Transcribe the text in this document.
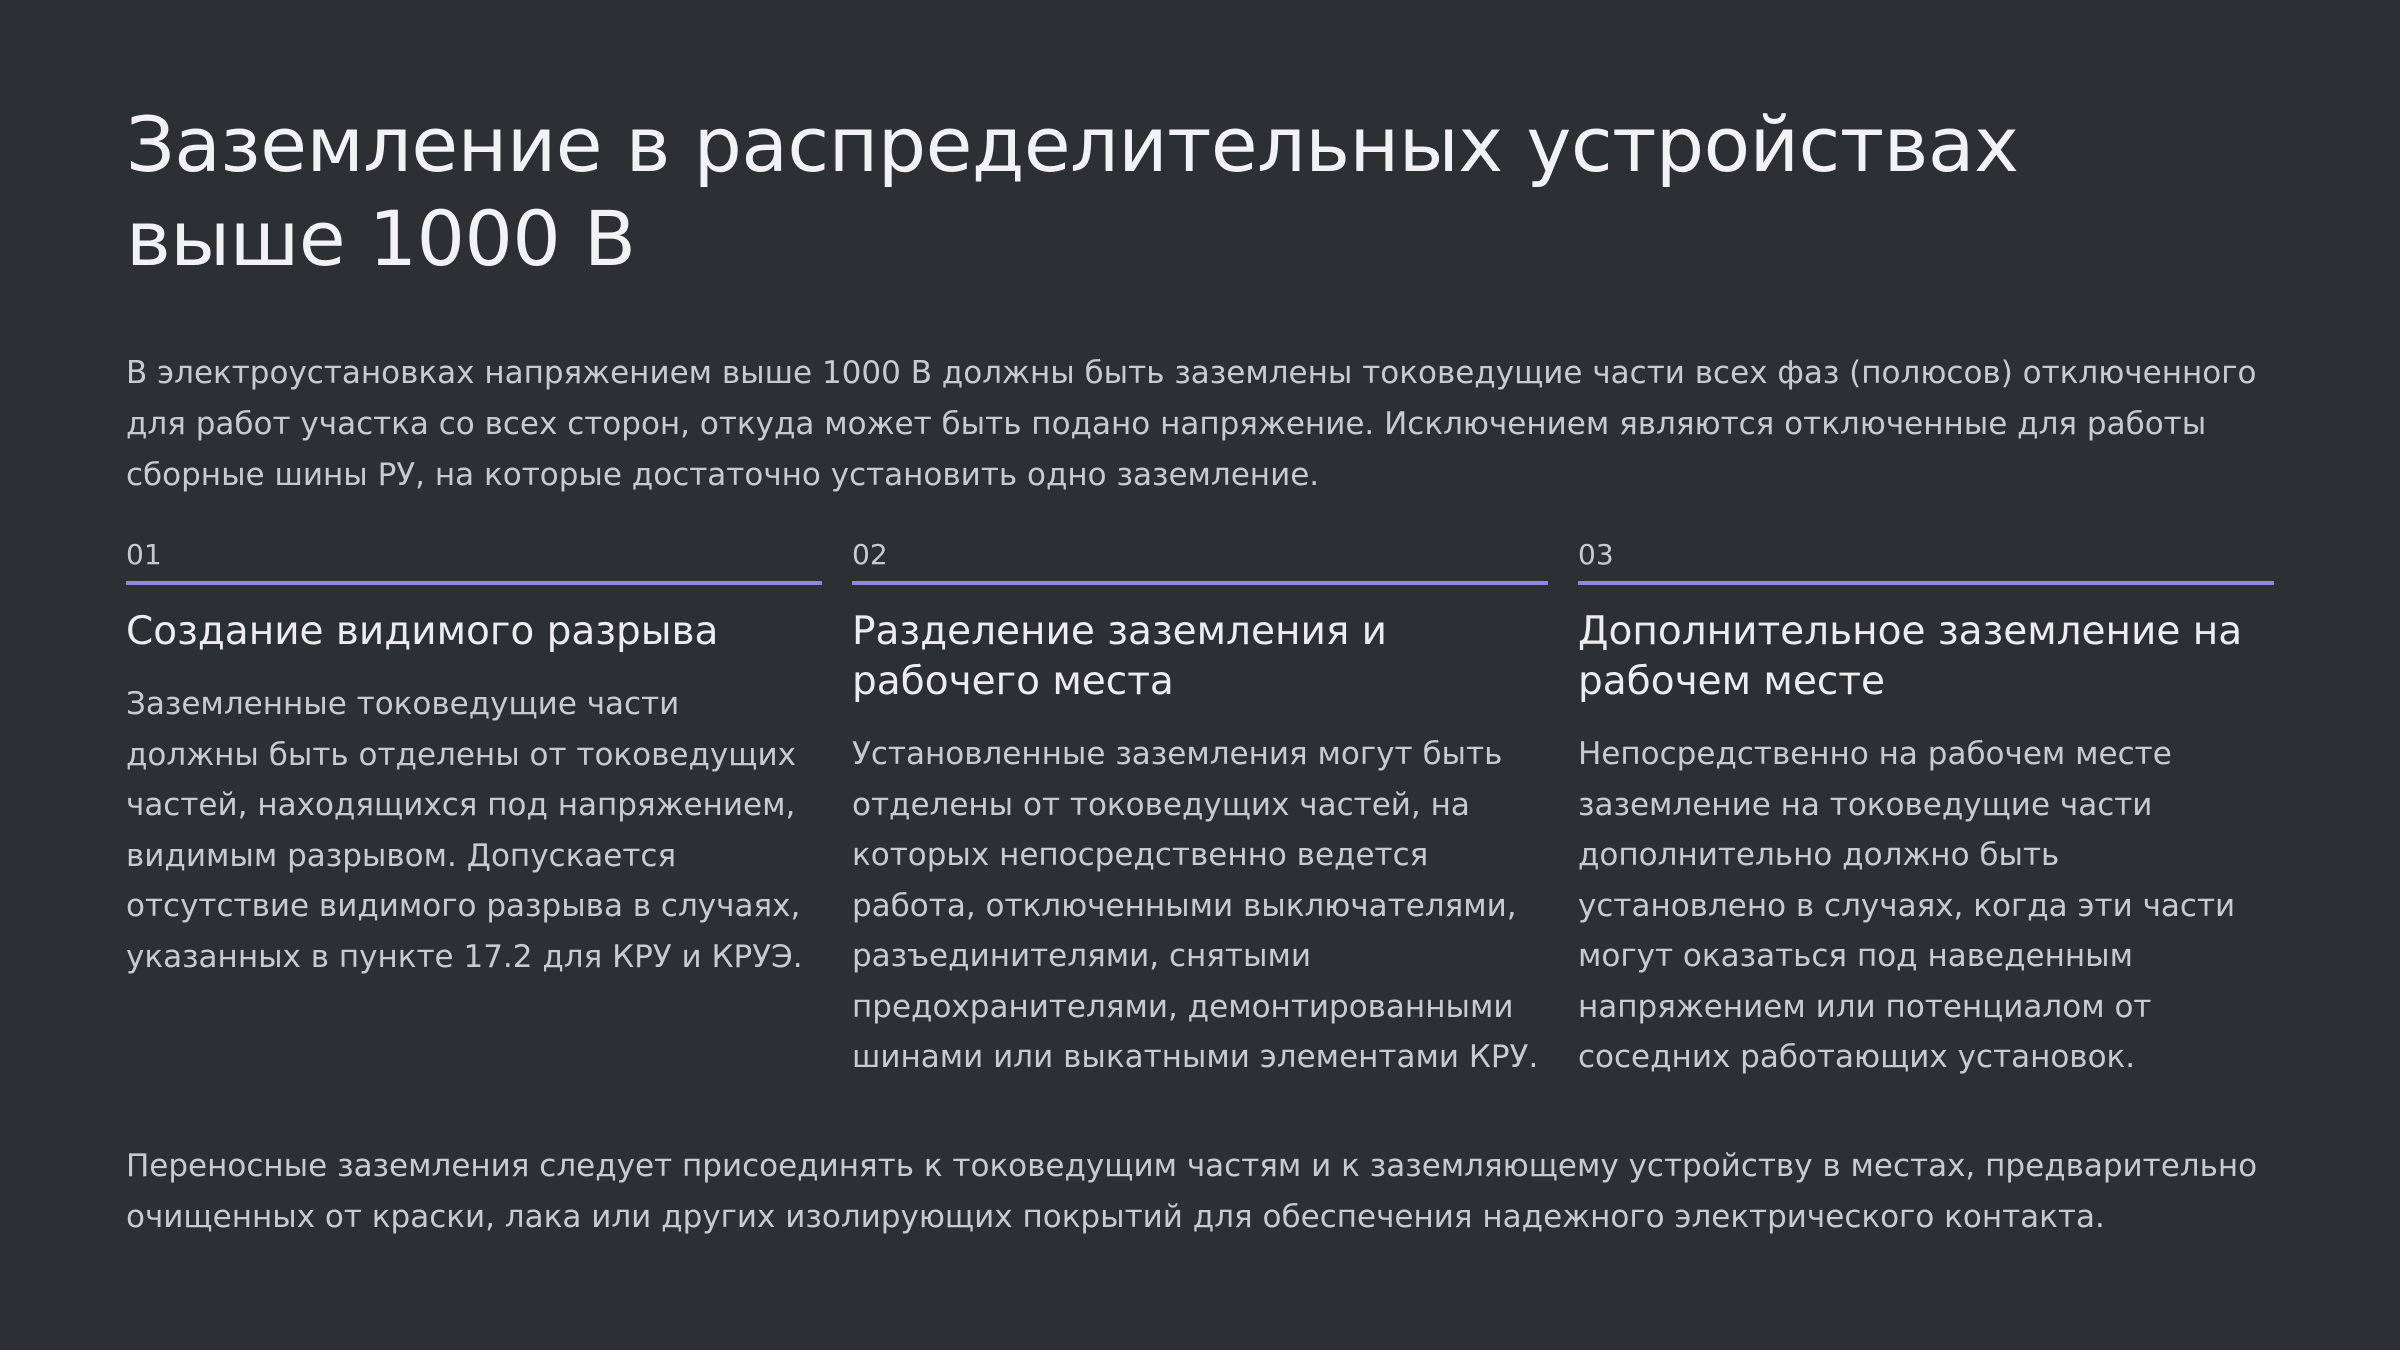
Заземление в распределительных устройствах выше 1000 В

В электроустановках напряжением выше 1000 В должны быть заземлены токоведущие части всех фаз (полюсов) отключенного для работ участка со всех сторон, откуда может быть подано напряжение. Исключением являются отключенные для работы сборные шины РУ, на которые достаточно установить одно заземление.

01
Создание видимого разрыва

Заземленные токоведущие части должны быть отделены от токоведущих частей, находящихся под напряжением, видимым разрывом. Допускается отсутствие видимого разрыва в случаях, указанных в пункте 17.2 для КРУ и КРУЭ.

02
Разделение заземления и рабочего места

Установленные заземления могут быть отделены от токоведущих частей, на которых непосредственно ведется работа, отключенными выключателями, разъединителями, снятыми предохранителями, демонтированными шинами или выкатными элементами КРУ.

03
Дополнительное заземление на рабочем месте

Непосредственно на рабочем месте заземление на токоведущие части дополнительно должно быть установлено в случаях, когда эти части могут оказаться под наведенным напряжением или потенциалом от соседних работающих установок.

Переносные заземления следует присоединять к токоведущим частям и к заземляющему устройству в местах, предварительно очищенных от краски, лака или других изолирующих покрытий для обеспечения надежного электрического контакта.
